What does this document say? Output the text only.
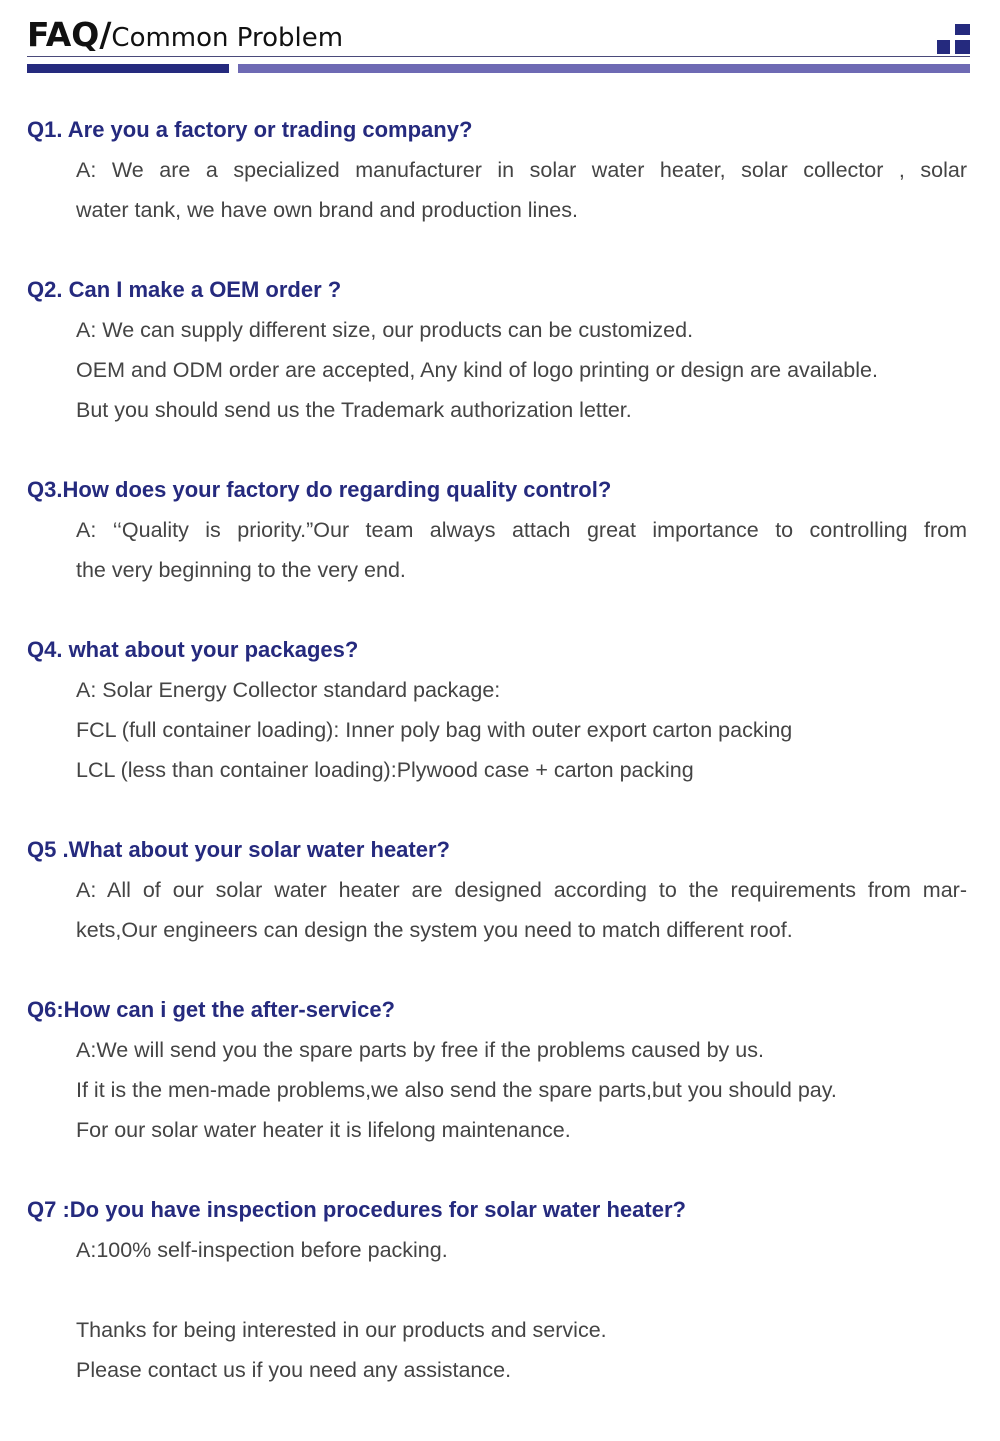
FAQ/Common Problem
Q1. Are you a factory or trading company?
A: We are a specialized manufacturer in solar water heater, solar collector , solar
water tank, we have own brand and production lines.
Q2. Can I make a OEM order ?
A: We can supply different size, our products can be customized.
OEM and ODM order are accepted, Any kind of logo printing or design are available.
But you should send us the Trademark authorization letter.
Q3.How does your factory do regarding quality control?
A: ‘‘Quality is priority.”Our team always attach great importance to controlling from
the very beginning to the very end.
Q4. what about your packages?
A: Solar Energy Collector standard package:
FCL (full container loading): Inner poly bag with outer export carton packing
LCL (less than container loading):Plywood case + carton packing
Q5 .What about your solar water heater?
A: All of our solar water heater are designed according to the requirements from mar-
kets,Our engineers can design the system you need to match different roof.
Q6:How can i get the after-service?
A:We will send you the spare parts by free if the problems caused by us.
If it is the men-made problems,we also send the spare parts,but you should pay.
For our solar water heater it is lifelong maintenance.
Q7 :Do you have inspection procedures for solar water heater?
A:100% self-inspection before packing.
Thanks for being interested in our products and service.
Please contact us if you need any assistance.
